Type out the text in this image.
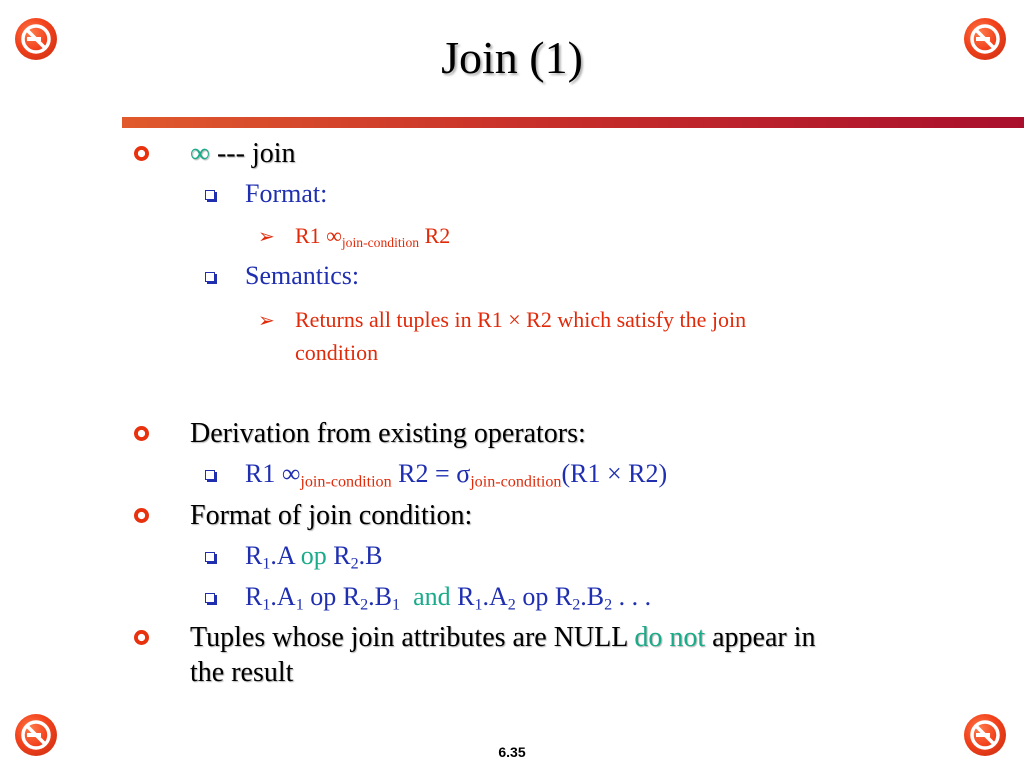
Join (1)
∞ --- join
Format:
➢ R1 $\infty_{join-condition}$ R2
Semantics:
➢ Returns all tuples in R1 × R2 which satisfy the join
condition
Derivation from existing operators:
R1 $\infty_{join-condition}$ $R2 = \sigma_{join-condition}(R1 \times R2)$
Format of join condition:
$R_1.A$ op $R_2.B$
$R_1.A_1$ op $R_2.B_1$ and $R_1.A_2$ op $R_2.B_2$ . . .
Tuples whose join attributes are NULL do not appear in
the result
6.35
